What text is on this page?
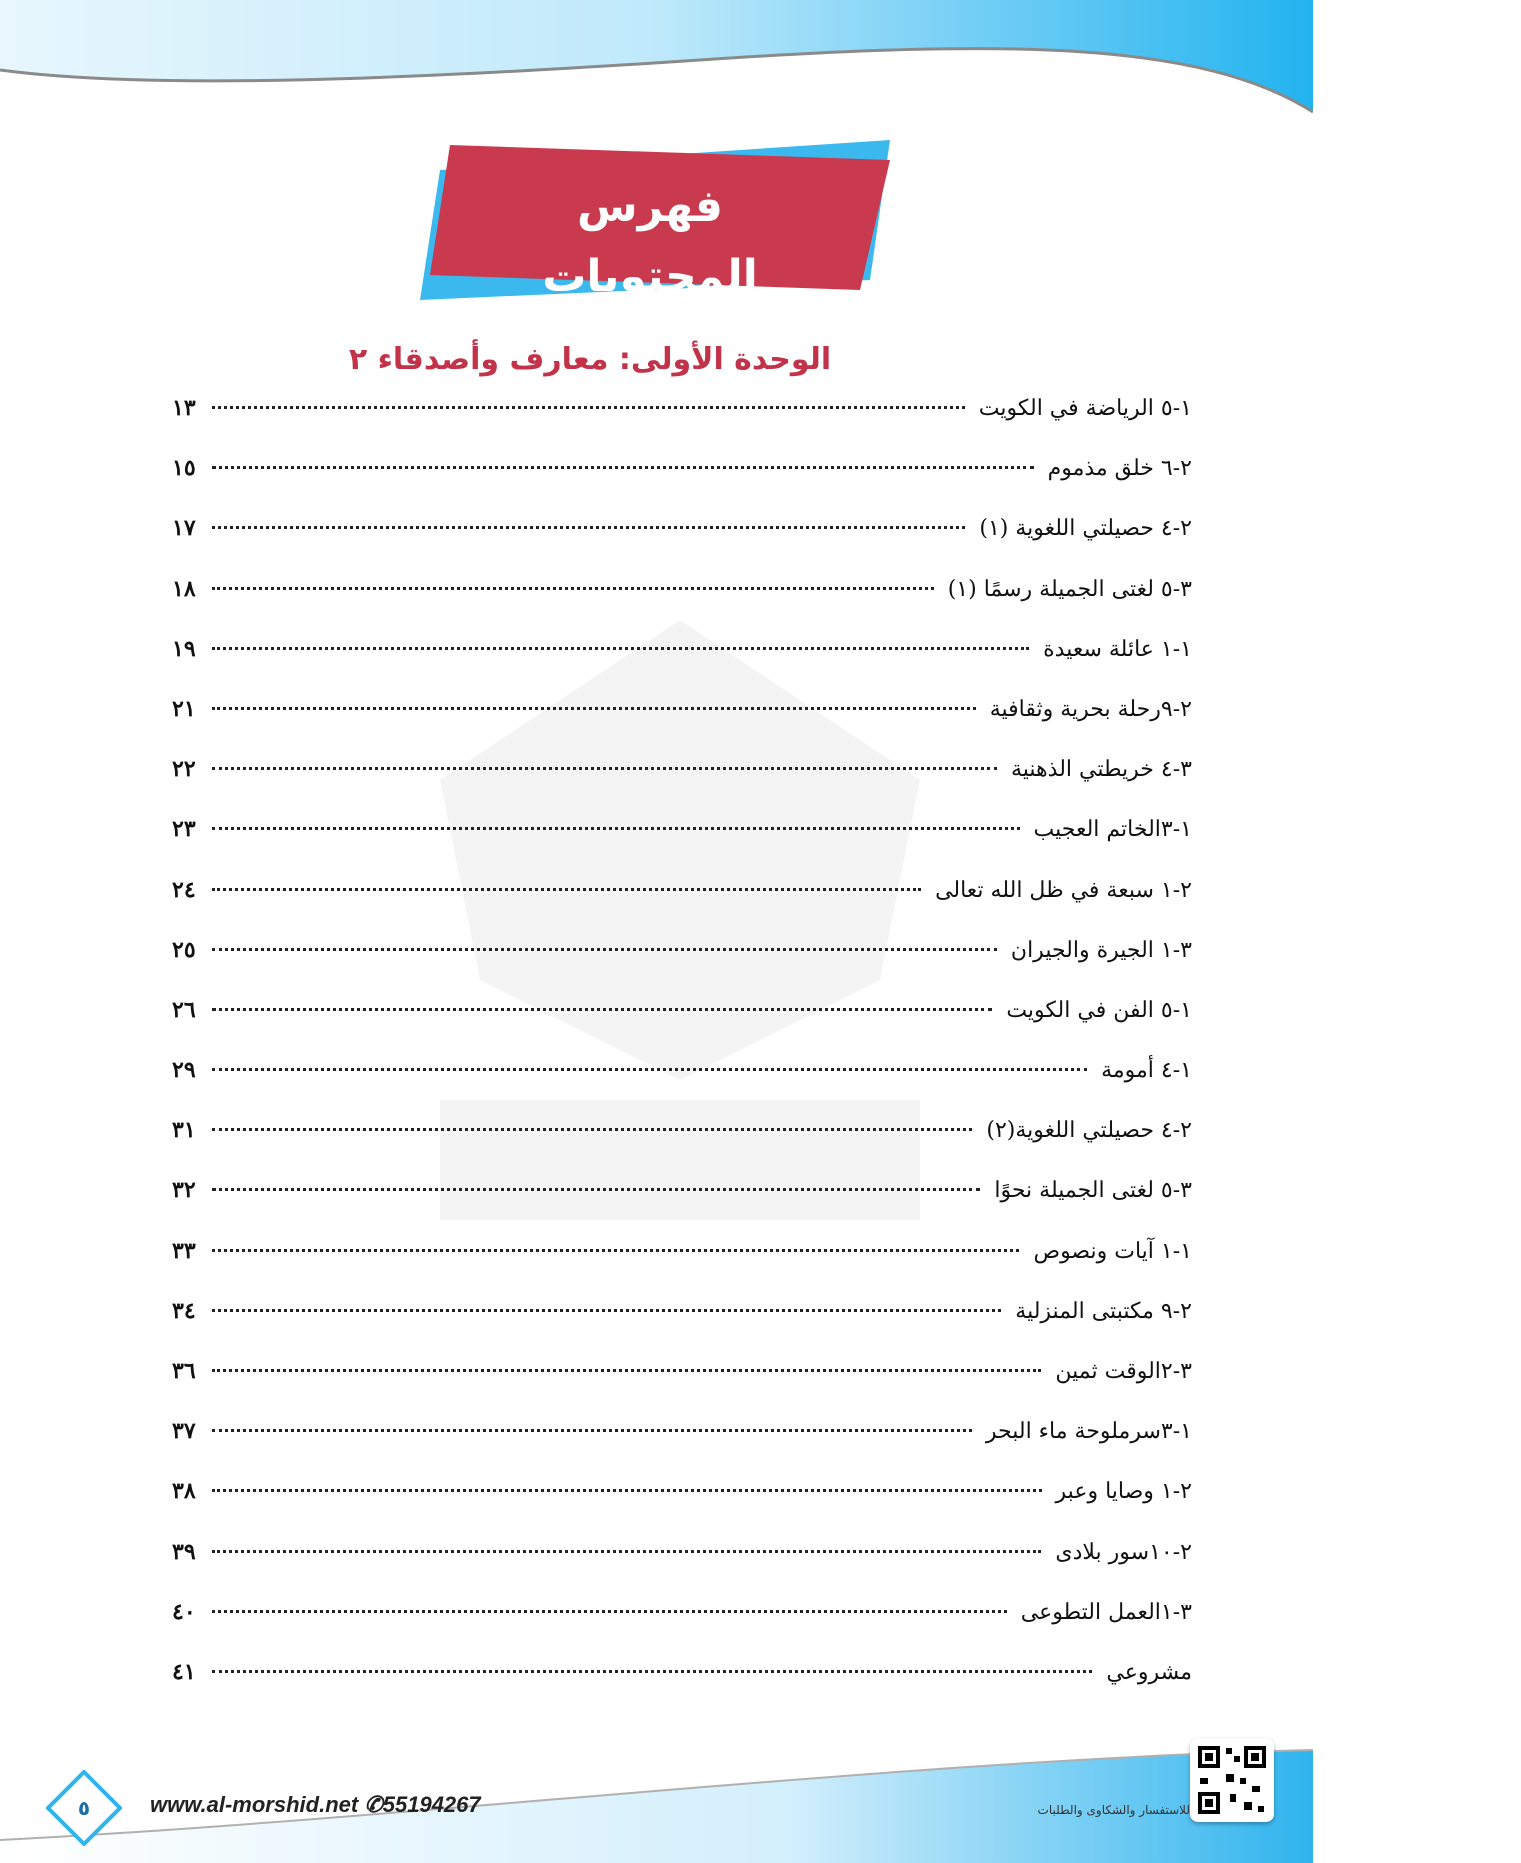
فهرس المحتويات
الوحدة الأولى: معارف وأصدقاء ٢
١-٥ الرياضة في الكويت
١٣
٢-٦ خلق مذموم
١٥
٢-٤ حصيلتي اللغوية (١)
١٧
٣-٥ لغتى الجميلة رسمًا (١)
١٨
١-١ عائلة سعيدة
١٩
٢-٩رحلة بحرية وثقافية
٢١
٣-٤ خريطتي الذهنية
٢٢
١-٣الخاتم العجيب
٢٣
٢-١ سبعة في ظل الله تعالى
٢٤
٣-١ الجيرة والجيران
٢٥
١-٥ الفن في الكويت
٢٦
١-٤ أمومة
٢٩
٢-٤ حصيلتي اللغوية(٢)
٣١
٣-٥ لغتى الجميلة نحوًا
٣٢
١-١ آيات ونصوص
٣٣
٢-٩ مكتبتى المنزلية
٣٤
٣-٢الوقت ثمين
٣٦
١-٣سرملوحة ماء البحر
٣٧
٢-١ وصايا وعبر
٣٨
٢-١٠سور بلادى
٣٩
٣-١العمل التطوعى
٤٠
مشروعي
٤١
٥	www.al-morshid.net ✆55194267	للاستفسار والشكاوى والطلبات
